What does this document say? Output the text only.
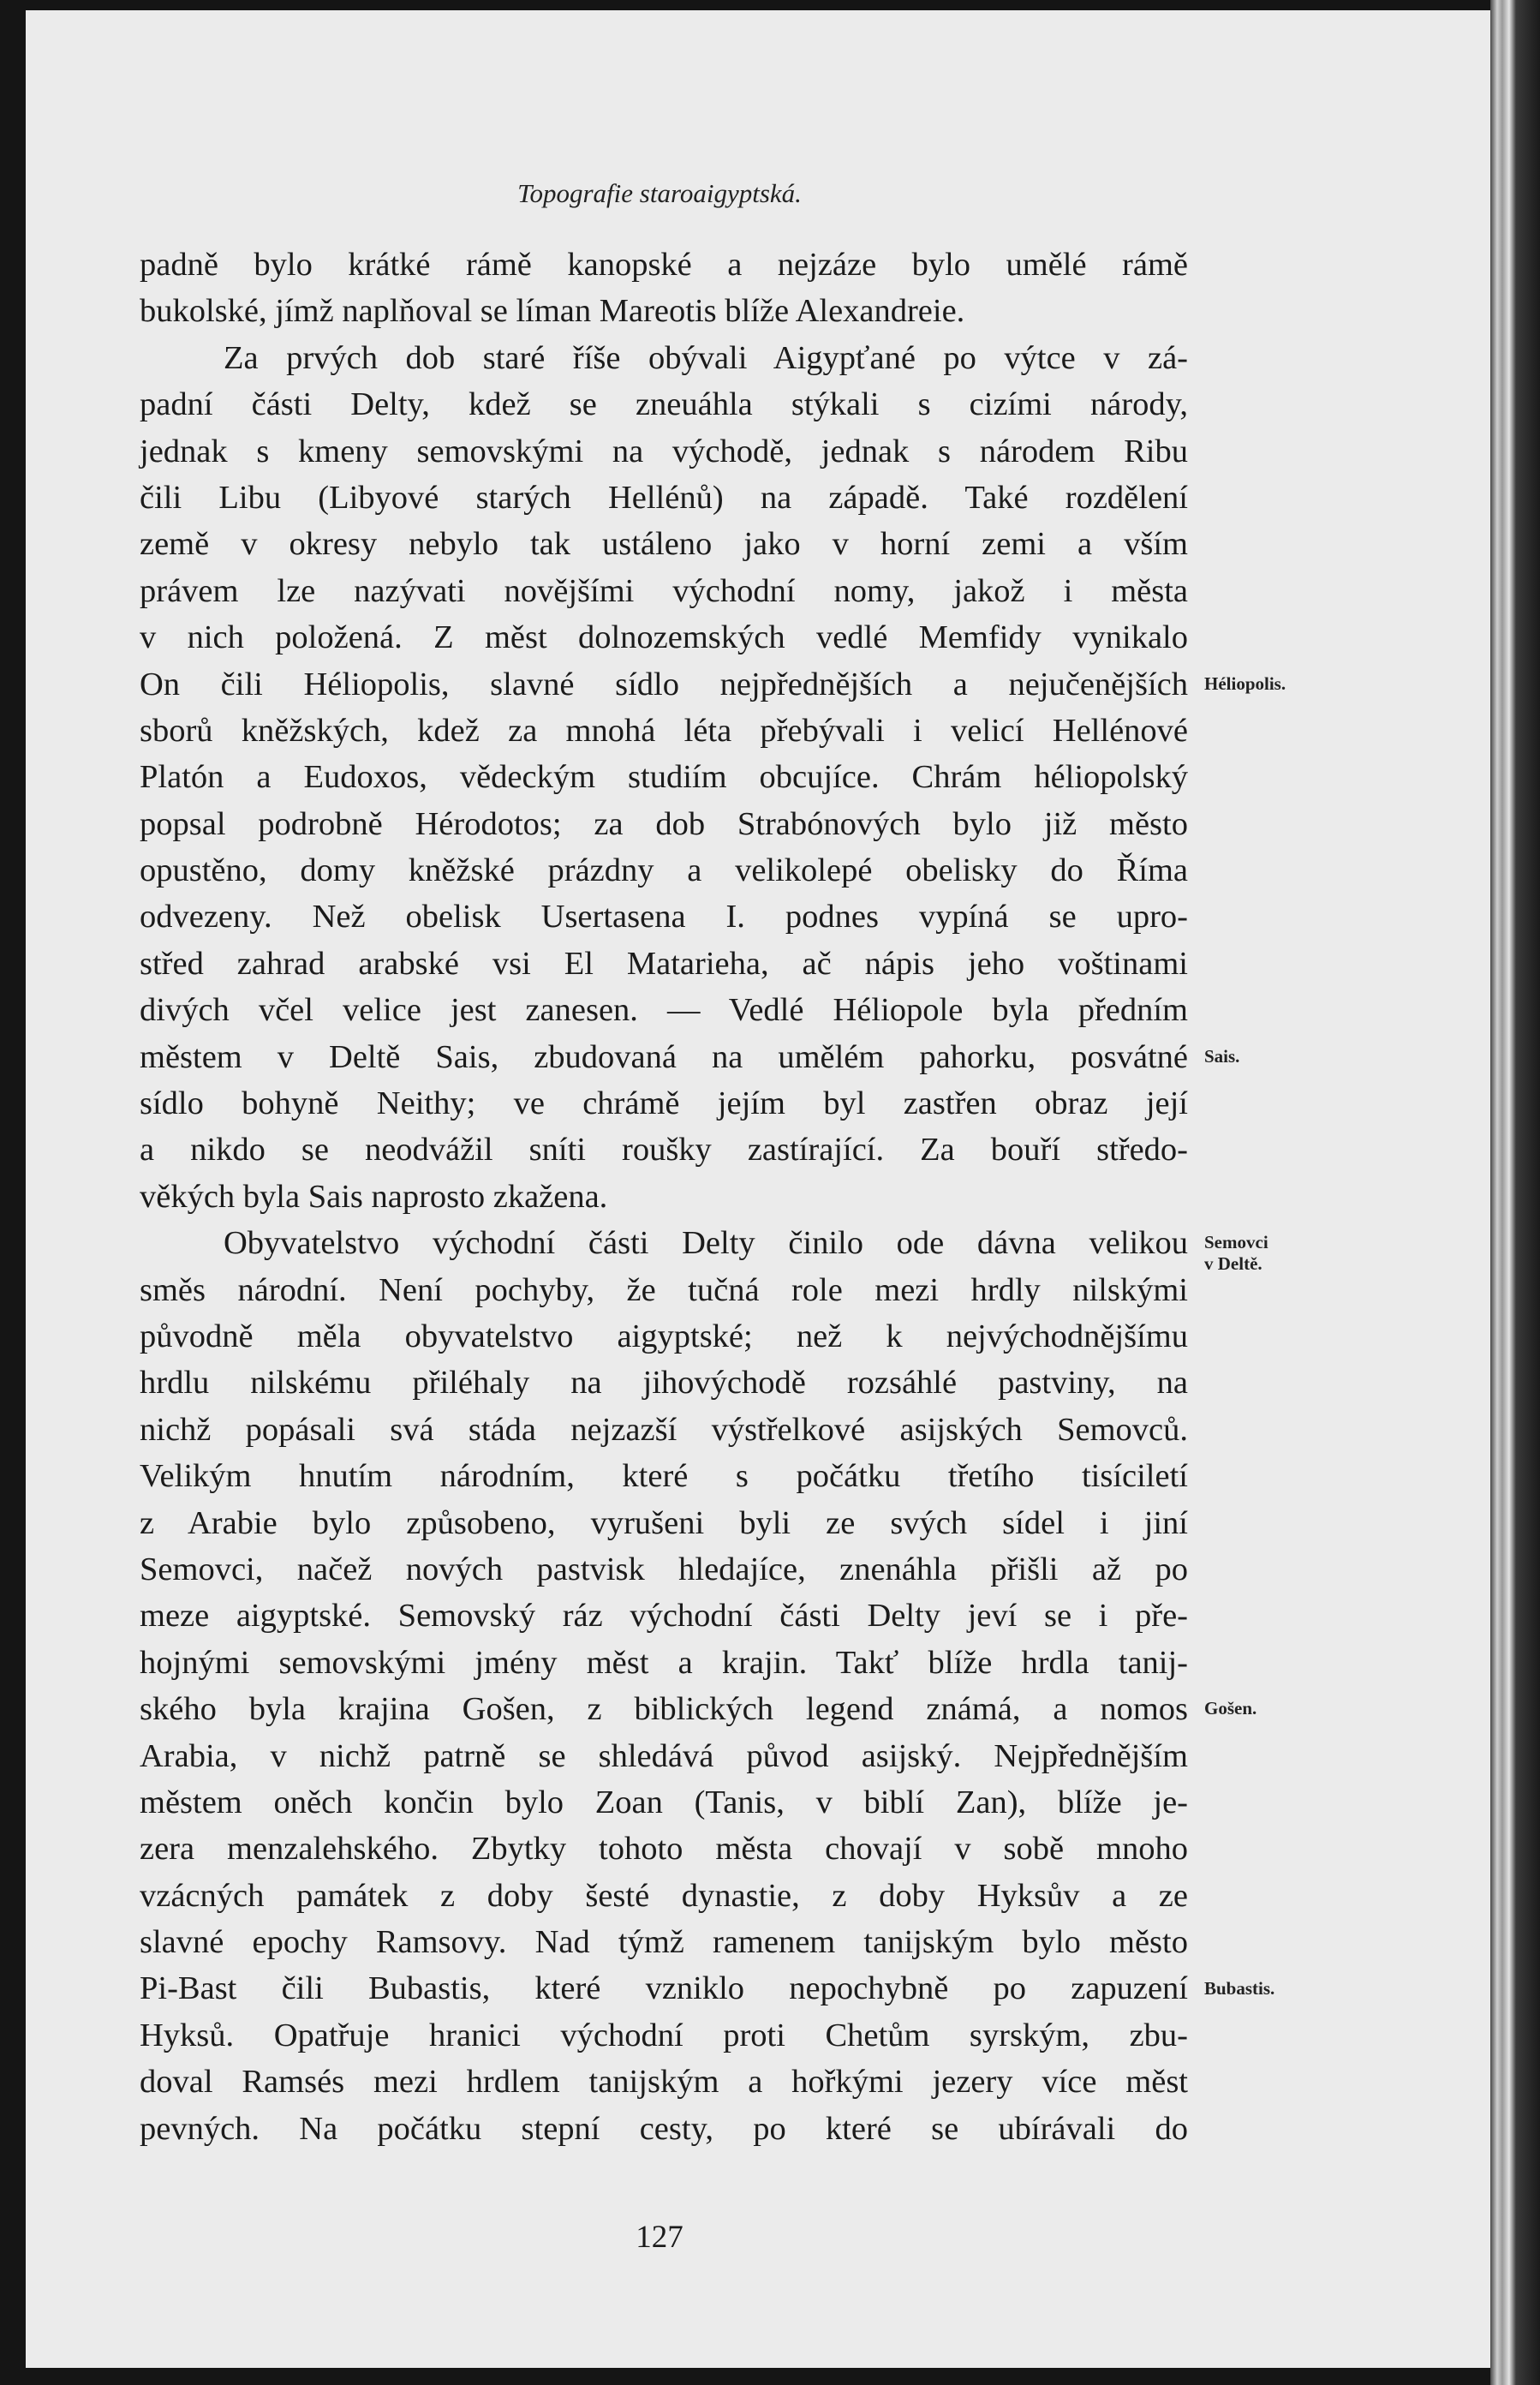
Topografie staroaigyptská.
padně bylo krátké rámě kanopské a nejzáze bylo umělé rámě
bukolské, jímž naplňoval se líman Mareotis blíže Alexandreie.
Za prvých dob staré říše obývali Aigypťané po výtce v zá-
padní části Delty, kdež se zneuáhla stýkali s cizími národy,
jednak s kmeny semovskými na východě, jednak s národem Ribu
čili Libu (Libyové starých Hellénů) na západě. Také rozdělení
země v okresy nebylo tak ustáleno jako v horní zemi a vším
právem lze nazývati novějšími východní nomy, jakož i města
v nich položená. Z měst dolnozemských vedlé Memfidy vynikalo
On čili Héliopolis, slavné sídlo nejpřednějších a nejučenějších
sborů kněžských, kdež za mnohá léta přebývali i velicí Hellénové
Platón a Eudoxos, vědeckým studiím obcujíce. Chrám héliopolský
popsal podrobně Hérodotos; za dob Strabónových bylo již město
opustěno, domy kněžské prázdny a velikolepé obelisky do Říma
odvezeny. Než obelisk Usertasena I. podnes vypíná se upro-
střed zahrad arabské vsi El Matarieha, ač nápis jeho voštinami
divých včel velice jest zanesen. — Vedlé Héliopole byla předním
městem v Deltě Sais, zbudovaná na umělém pahorku, posvátné
sídlo bohyně Neithy; ve chrámě jejím byl zastřen obraz její
a nikdo se neodvážil sníti roušky zastírající. Za bouří středo-
věkých byla Sais naprosto zkažena.
Obyvatelstvo východní části Delty činilo ode dávna velikou
směs národní. Není pochyby, že tučná role mezi hrdly nilskými
původně měla obyvatelstvo aigyptské; než k nejvýchodnějšímu
hrdlu nilskému přiléhaly na jihovýchodě rozsáhlé pastviny, na
nichž popásali svá stáda nejzazší výstřelkové asijských Semovců.
Velikým hnutím národním, které s počátku třetího tisíciletí
z Arabie bylo způsobeno, vyrušeni byli ze svých sídel i jiní
Semovci, načež nových pastvisk hledajíce, znenáhla přišli až po
meze aigyptské. Semovský ráz východní části Delty jeví se i pře-
hojnými semovskými jmény měst a krajin. Takť blíže hrdla tanij-
ského byla krajina Gošen, z biblických legend známá, a nomos
Arabia, v nichž patrně se shledává původ asijský. Nejpřednějším
městem oněch končin bylo Zoan (Tanis, v biblí Zan), blíže je-
zera menzalehského. Zbytky tohoto města chovají v sobě mnoho
vzácných památek z doby šesté dynastie, z doby Hyksův a ze
slavné epochy Ramsovy. Nad týmž ramenem tanijským bylo město
Pi-Bast čili Bubastis, které vzniklo nepochybně po zapuzení
Hyksů. Opatřuje hranici východní proti Chetům syrským, zbu-
doval Ramsés mezi hrdlem tanijským a hořkými jezery více měst
pevných. Na počátku stepní cesty, po které se ubírávali do
127
Héliopolis.
Sais.
Semovci
v Deltě.
Gošen.
Bubastis.
